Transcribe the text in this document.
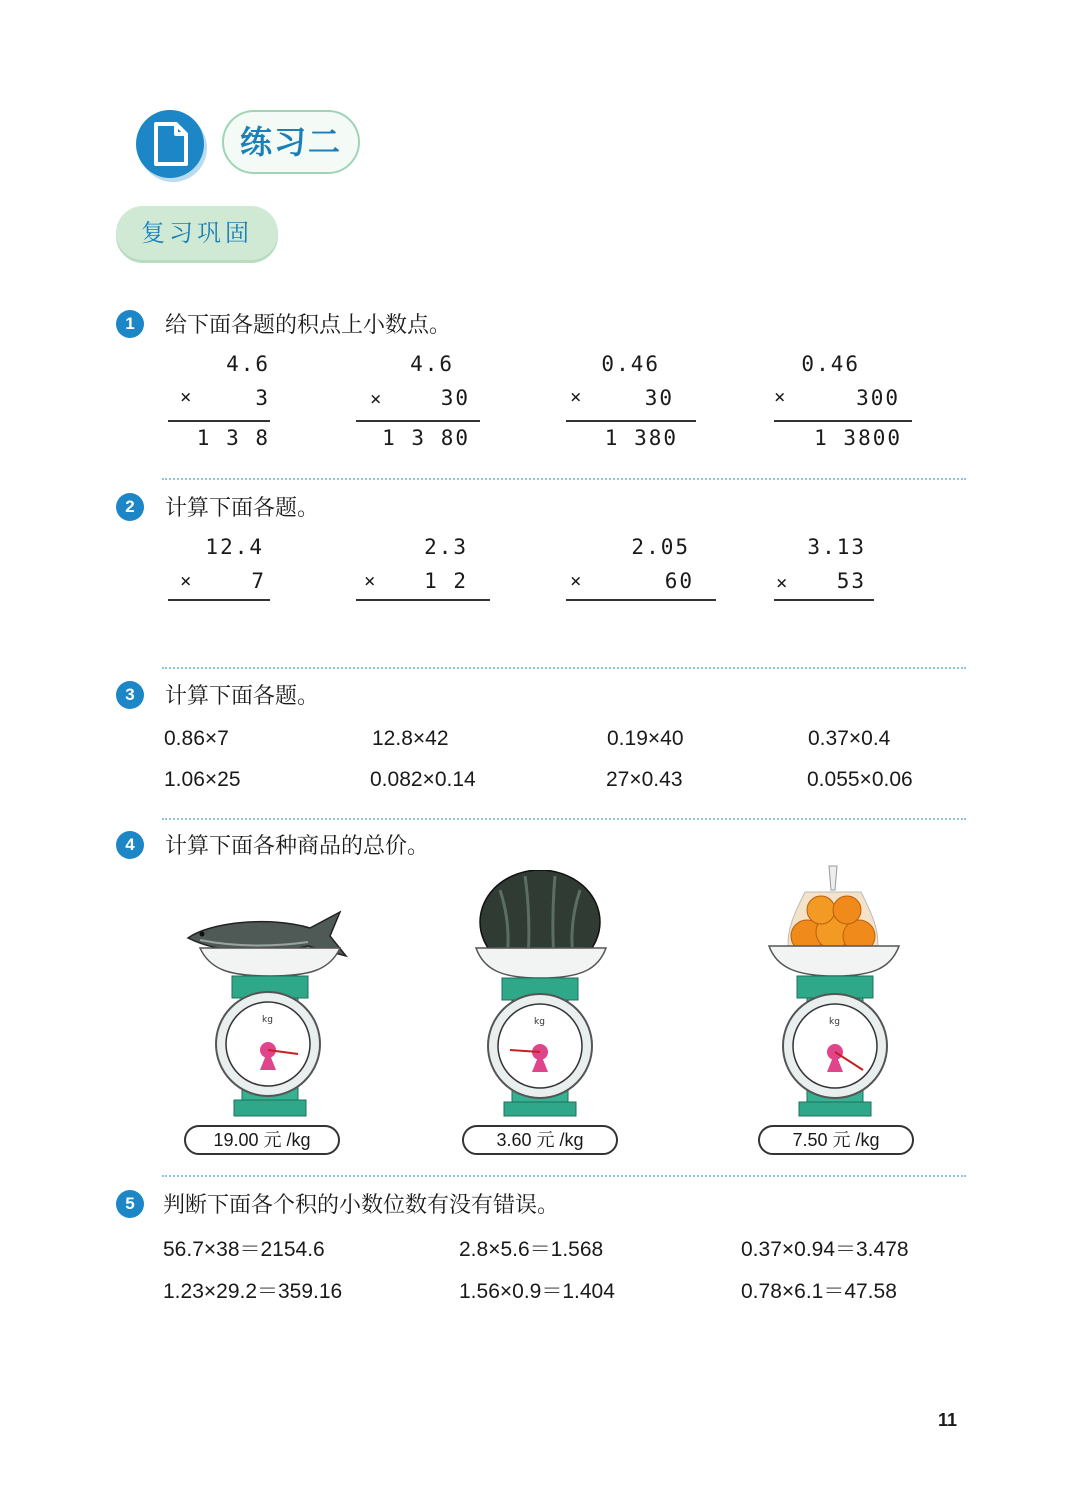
练习二
复习巩固
1	给下面各题的积点上小数点。
4.6
×	3
1 3 8
4.6
×	30
1 3 80
0.46
×	30
1 380
0.46
×	300
1 3800
2	计算下面各题。
12.4
×	7
2.3
× 1 2
2.05
×	60
3.13
× 53
3	计算下面各题。
0.86×7	12.8×42	0.19×40	0.37×0.4
1.06×25	0.082×0.14	27×0.43	0.055×0.06
4	计算下面各种商品的总价。
kg
19.00 元 /kg
kg
3.60 元 /kg
kg
7.50 元 /kg
5	判断下面各个积的小数位数有没有错误。
56.7×38＝2154.6	2.8×5.6＝1.568	0.37×0.94＝3.478
1.23×29.2＝359.16	1.56×0.9＝1.404	0.78×6.1＝47.58
11
